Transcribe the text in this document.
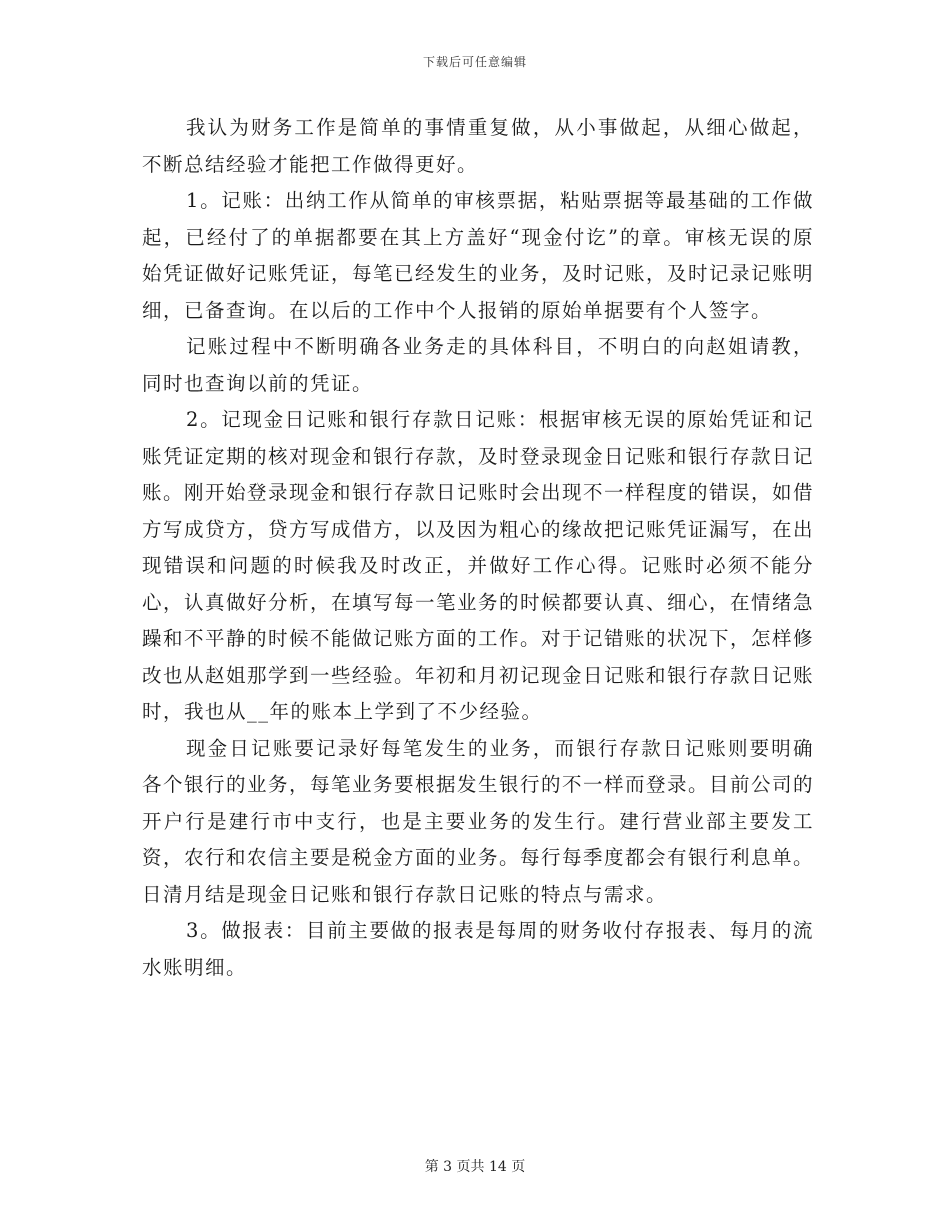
下载后可任意编辑

我认为财务工作是简单的事情重复做，从小事做起，从细心做起，不断总结经验才能把工作做得更好。

1。记账：出纳工作从简单的审核票据，粘贴票据等最基础的工作做起，已经付了的单据都要在其上方盖好“现金付讫”的章。审核无误的原始凭证做好记账凭证，每笔已经发生的业务，及时记账，及时记录记账明细，已备查询。在以后的工作中个人报销的原始单据要有个人签字。

记账过程中不断明确各业务走的具体科目，不明白的向赵姐请教，同时也查询以前的凭证。

2。记现金日记账和银行存款日记账：根据审核无误的原始凭证和记账凭证定期的核对现金和银行存款，及时登录现金日记账和银行存款日记账。刚开始登录现金和银行存款日记账时会出现不一样程度的错误，如借方写成贷方，贷方写成借方，以及因为粗心的缘故把记账凭证漏写，在出现错误和问题的时候我及时改正，并做好工作心得。记账时必须不能分心，认真做好分析，在填写每一笔业务的时候都要认真、细心，在情绪急躁和不平静的时候不能做记账方面的工作。对于记错账的状况下，怎样修改也从赵姐那学到一些经验。年初和月初记现金日记账和银行存款日记账时，我也从__年的账本上学到了不少经验。

现金日记账要记录好每笔发生的业务，而银行存款日记账则要明确各个银行的业务，每笔业务要根据发生银行的不一样而登录。目前公司的开户行是建行市中支行，也是主要业务的发生行。建行营业部主要发工资，农行和农信主要是税金方面的业务。每行每季度都会有银行利息单。日清月结是现金日记账和银行存款日记账的特点与需求。

3。做报表：目前主要做的报表是每周的财务收付存报表、每月的流水账明细。

第 3 页共 14 页
